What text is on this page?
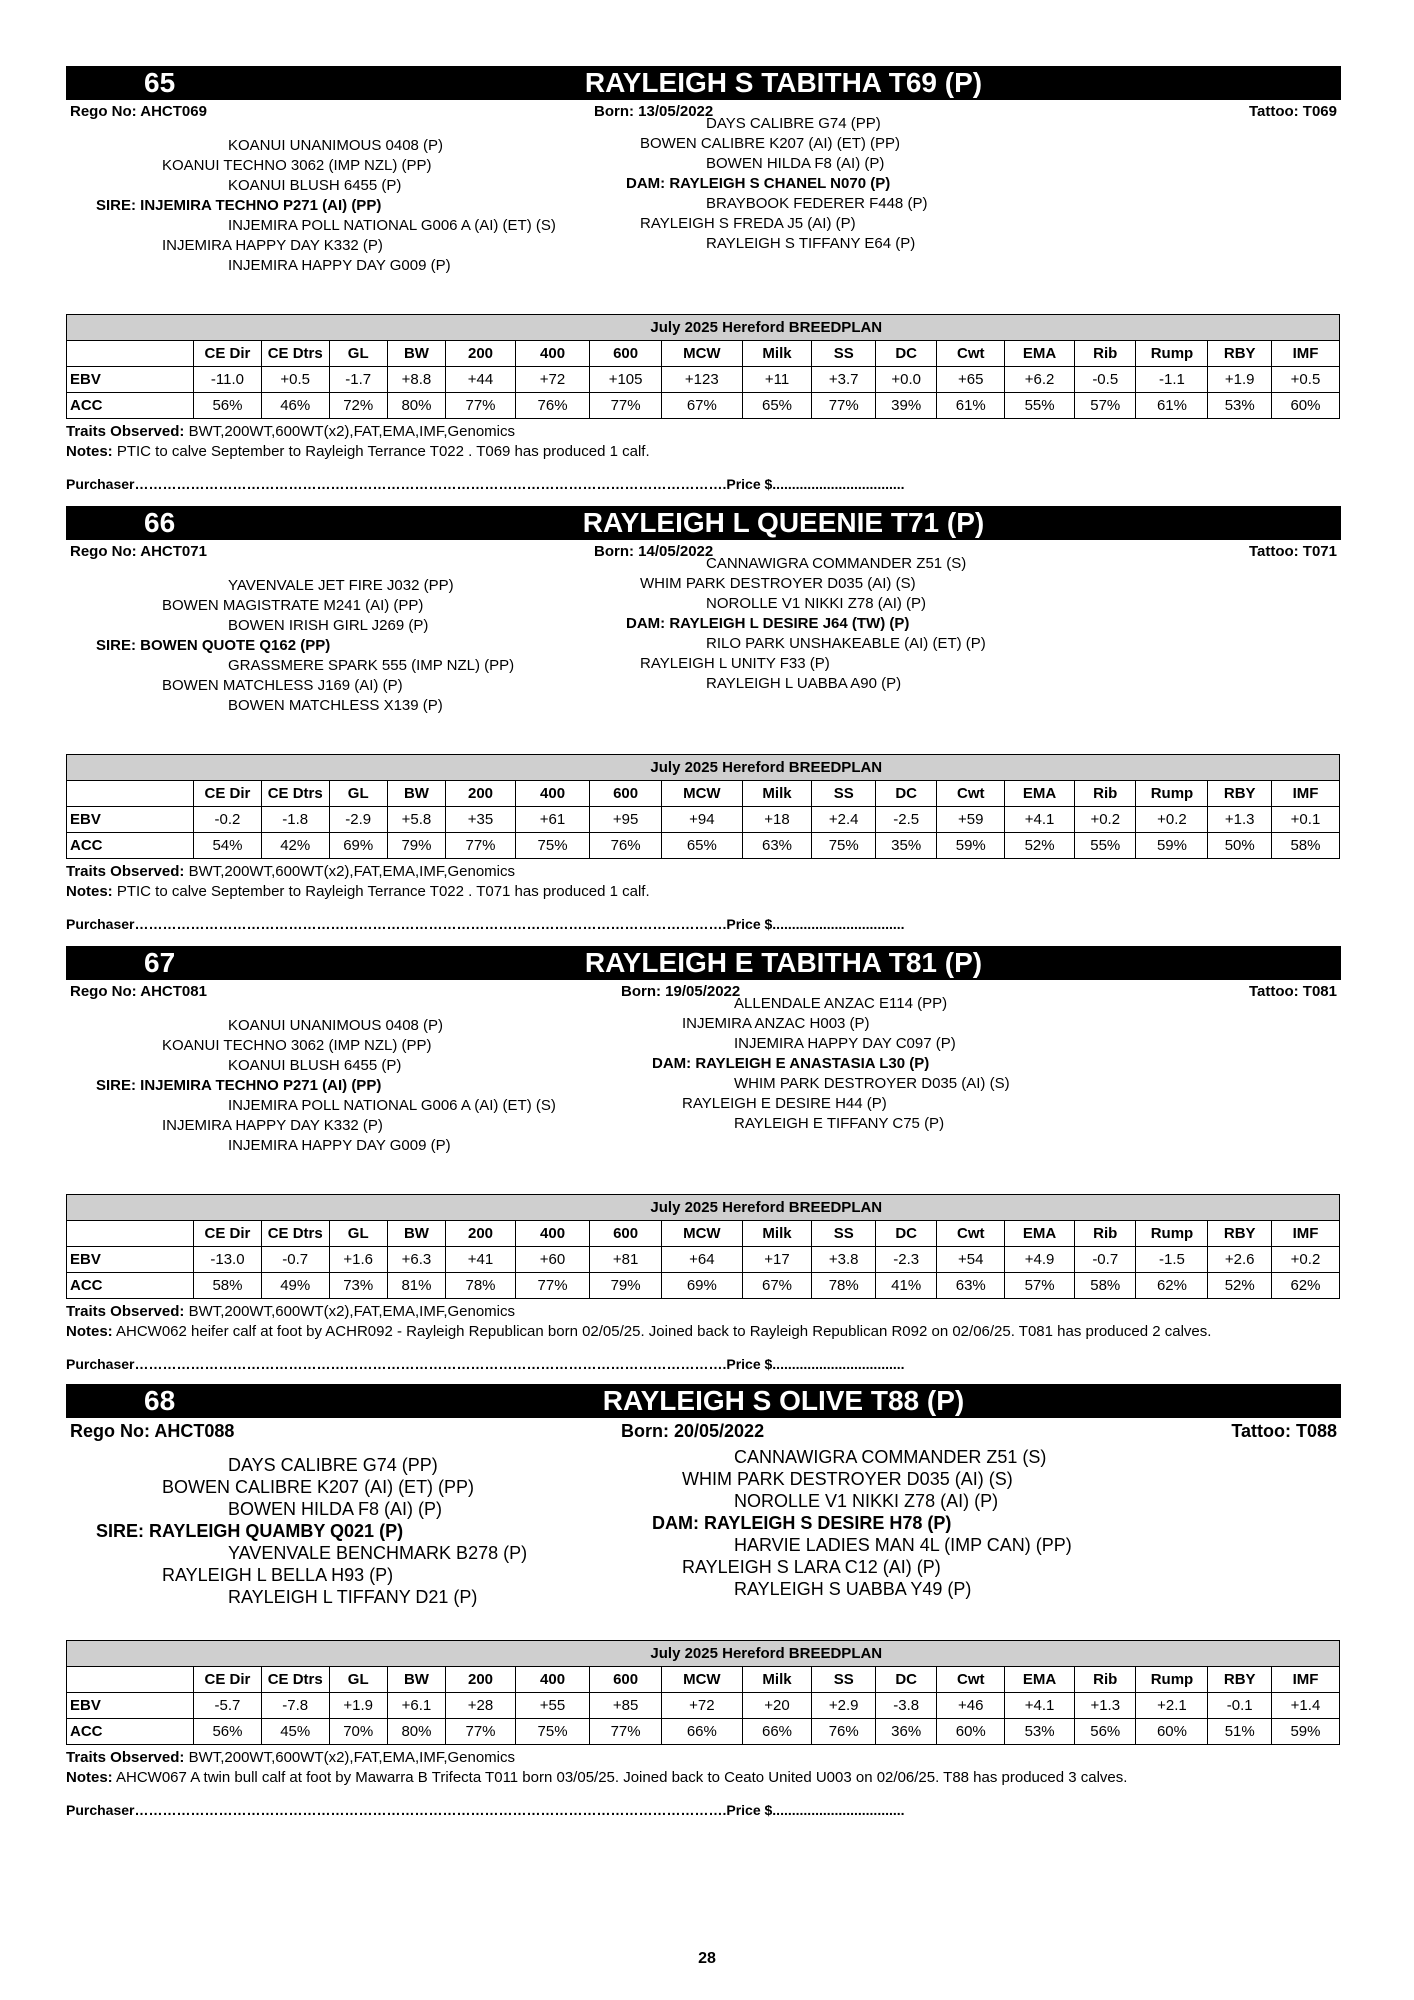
65	RAYLEIGH S TABITHA T69 (P)
Rego No: AHCT069	Born: 13/05/2022	Tattoo: T069
KOANUI UNANIMOUS 0408 (P)
KOANUI TECHNO 3062 (IMP NZL) (PP)
KOANUI BLUSH 6455 (P)
SIRE: INJEMIRA TECHNO P271 (AI) (PP)
INJEMIRA POLL NATIONAL G006 A (AI) (ET) (S)
INJEMIRA HAPPY DAY K332 (P)
INJEMIRA HAPPY DAY G009 (P)
DAYS CALIBRE G74 (PP)
BOWEN CALIBRE K207 (AI) (ET) (PP)
BOWEN HILDA F8 (AI) (P)
DAM: RAYLEIGH S CHANEL N070 (P)
BRAYBOOK FEDERER F448 (P)
RAYLEIGH S FREDA J5 (AI) (P)
RAYLEIGH S TIFFANY E64 (P)
	July 2025 Hereford BREEDPLAN																
	CE Dir	CE Dtrs	GL	BW	200	400	600	MCW	Milk	SS	DC	Cwt	EMA	Rib	Rump	RBY	IMF
EBV	-11.0	+0.5	-1.7	+8.8	+44	+72	+105	+123	+11	+3.7	+0.0	+65	+6.2	-0.5	-1.1	+1.9	+0.5
ACC	56%	46%	72%	80%	77%	76%	77%	67%	65%	77%	39%	61%	55%	57%	61%	53%	60%
Traits Observed: BWT,200WT,600WT(x2),FAT,EMA,IMF,Genomics
Notes: PTIC to calve September to Rayleigh Terrance T022 . T069 has produced 1 calf.
Purchaser……………………………………………………………………………………………………………….Price $..................................
66	RAYLEIGH L QUEENIE T71 (P)
Rego No: AHCT071	Born: 14/05/2022	Tattoo: T071
YAVENVALE JET FIRE J032 (PP)
BOWEN MAGISTRATE M241 (AI) (PP)
BOWEN IRISH GIRL J269 (P)
SIRE: BOWEN QUOTE Q162 (PP)
GRASSMERE SPARK 555 (IMP NZL) (PP)
BOWEN MATCHLESS J169 (AI) (P)
BOWEN MATCHLESS X139 (P)
CANNAWIGRA COMMANDER Z51 (S)
WHIM PARK DESTROYER D035 (AI) (S)
NOROLLE V1 NIKKI Z78 (AI) (P)
DAM: RAYLEIGH L DESIRE J64 (TW) (P)
RILO PARK UNSHAKEABLE (AI) (ET) (P)
RAYLEIGH L UNITY F33 (P)
RAYLEIGH L UABBA A90 (P)
	July 2025 Hereford BREEDPLAN																
	CE Dir	CE Dtrs	GL	BW	200	400	600	MCW	Milk	SS	DC	Cwt	EMA	Rib	Rump	RBY	IMF
EBV	-0.2	-1.8	-2.9	+5.8	+35	+61	+95	+94	+18	+2.4	-2.5	+59	+4.1	+0.2	+0.2	+1.3	+0.1
ACC	54%	42%	69%	79%	77%	75%	76%	65%	63%	75%	35%	59%	52%	55%	59%	50%	58%
Traits Observed: BWT,200WT,600WT(x2),FAT,EMA,IMF,Genomics
Notes: PTIC to calve September to Rayleigh Terrance T022 . T071 has produced 1 calf.
Purchaser……………………………………………………………………………………………………………….Price $..................................
67	RAYLEIGH E TABITHA T81 (P)
Rego No: AHCT081	Born: 19/05/2022	Tattoo: T081
KOANUI UNANIMOUS 0408 (P)
KOANUI TECHNO 3062 (IMP NZL) (PP)
KOANUI BLUSH 6455 (P)
SIRE: INJEMIRA TECHNO P271 (AI) (PP)
INJEMIRA POLL NATIONAL G006 A (AI) (ET) (S)
INJEMIRA HAPPY DAY K332 (P)
INJEMIRA HAPPY DAY G009 (P)
ALLENDALE ANZAC E114 (PP)
INJEMIRA ANZAC H003 (P)
INJEMIRA HAPPY DAY C097 (P)
DAM: RAYLEIGH E ANASTASIA L30 (P)
WHIM PARK DESTROYER D035 (AI) (S)
RAYLEIGH E DESIRE H44 (P)
RAYLEIGH E TIFFANY C75 (P)
	July 2025 Hereford BREEDPLAN																
	CE Dir	CE Dtrs	GL	BW	200	400	600	MCW	Milk	SS	DC	Cwt	EMA	Rib	Rump	RBY	IMF
EBV	-13.0	-0.7	+1.6	+6.3	+41	+60	+81	+64	+17	+3.8	-2.3	+54	+4.9	-0.7	-1.5	+2.6	+0.2
ACC	58%	49%	73%	81%	78%	77%	79%	69%	67%	78%	41%	63%	57%	58%	62%	52%	62%
Traits Observed: BWT,200WT,600WT(x2),FAT,EMA,IMF,Genomics
Notes: AHCW062 heifer calf at foot by ACHR092 - Rayleigh Republican born 02/05/25. Joined back to Rayleigh Republican R092 on 02/06/25. T081 has produced 2 calves.
Purchaser……………………………………………………………………………………………………………….Price $..................................
68	RAYLEIGH S OLIVE T88 (P)
Rego No: AHCT088	Born: 20/05/2022	Tattoo: T088
DAYS CALIBRE G74 (PP)
BOWEN CALIBRE K207 (AI) (ET) (PP)
BOWEN HILDA F8 (AI) (P)
SIRE: RAYLEIGH QUAMBY Q021 (P)
YAVENVALE BENCHMARK B278 (P)
RAYLEIGH L BELLA H93 (P)
RAYLEIGH L TIFFANY D21 (P)
CANNAWIGRA COMMANDER Z51 (S)
WHIM PARK DESTROYER D035 (AI) (S)
NOROLLE V1 NIKKI Z78 (AI) (P)
DAM: RAYLEIGH S DESIRE H78 (P)
HARVIE LADIES MAN 4L (IMP CAN) (PP)
RAYLEIGH S LARA C12 (AI) (P)
RAYLEIGH S UABBA Y49 (P)
	July 2025 Hereford BREEDPLAN																
	CE Dir	CE Dtrs	GL	BW	200	400	600	MCW	Milk	SS	DC	Cwt	EMA	Rib	Rump	RBY	IMF
EBV	-5.7	-7.8	+1.9	+6.1	+28	+55	+85	+72	+20	+2.9	-3.8	+46	+4.1	+1.3	+2.1	-0.1	+1.4
ACC	56%	45%	70%	80%	77%	75%	77%	66%	66%	76%	36%	60%	53%	56%	60%	51%	59%
Traits Observed: BWT,200WT,600WT(x2),FAT,EMA,IMF,Genomics
Notes: AHCW067 A twin bull calf at foot by Mawarra B Trifecta T011 born 03/05/25. Joined back to Ceato United U003 on 02/06/25. T88 has produced 3 calves.
Purchaser……………………………………………………………………………………………………………….Price $..................................
28
